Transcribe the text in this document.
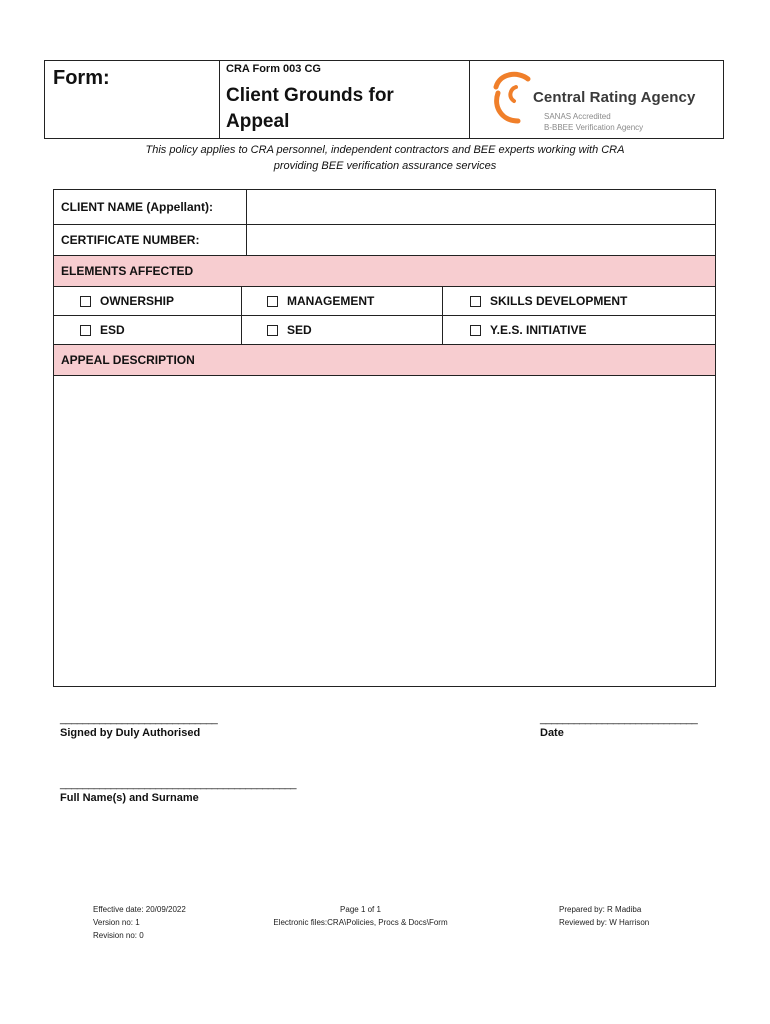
Form:	CRA Form 003 CG
Client Grounds for Appeal
Central Rating Agency
SANAS Accredited
B-BBEE Verification Agency
This policy applies to CRA personnel, independent contractors and BEE experts working with CRA
providing BEE verification assurance services
CLIENT NAME (Appellant):
CERTIFICATE NUMBER:
ELEMENTS AFFECTED
OWNERSHIP	MANAGEMENT	SKILLS DEVELOPMENT
ESD	SED	Y.E.S. INITIATIVE
APPEAL DESCRIPTION
____________________________
Signed by Duly Authorised
____________________________
Date
__________________________________________
Full Name(s) and Surname
Effective date: 20/09/2022
Version no: 1
Revision no: 0
Page 1 of 1
Electronic files:CRA\Policies, Procs & Docs\Form
Prepared by: R Madiba
Reviewed by: W Harrison
